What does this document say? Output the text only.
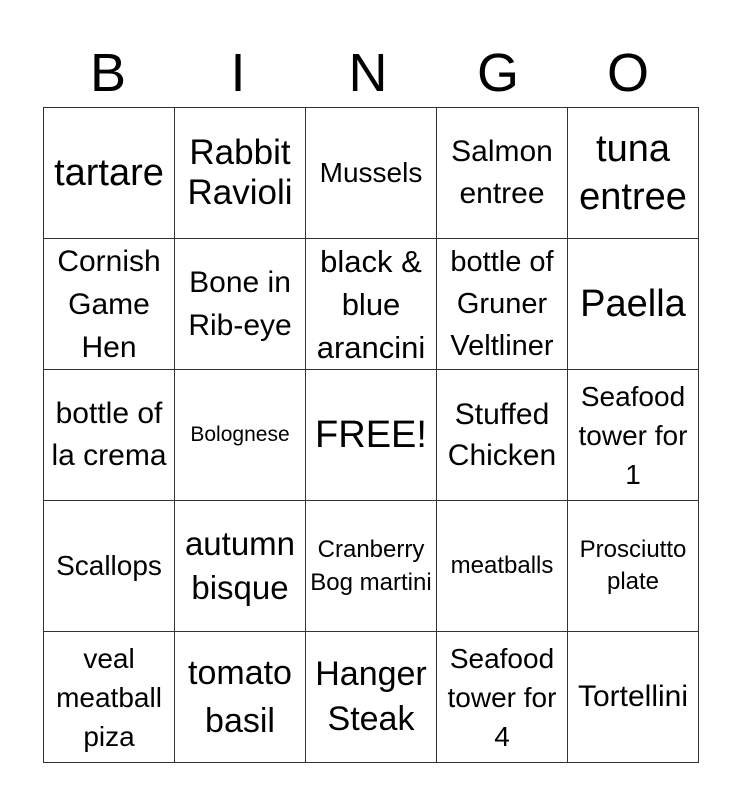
B	I	N	G	O
tartare	Rabbit Ravioli	Mussels	Salmon entree	tuna entree

Cornish Game Hen	Bone in Rib-eye	black & blue arancini	bottle of Gruner Veltliner	Paella

bottle of la crema	Bolognese	FREE!	Stuffed Chicken	Seafood tower for 1

Scallops	autumn bisque	Cranberry Bog martini	meatballs	Prosciutto plate

veal meatball piza	tomato basil	Hanger Steak	Seafood tower for 4	Tortellini
